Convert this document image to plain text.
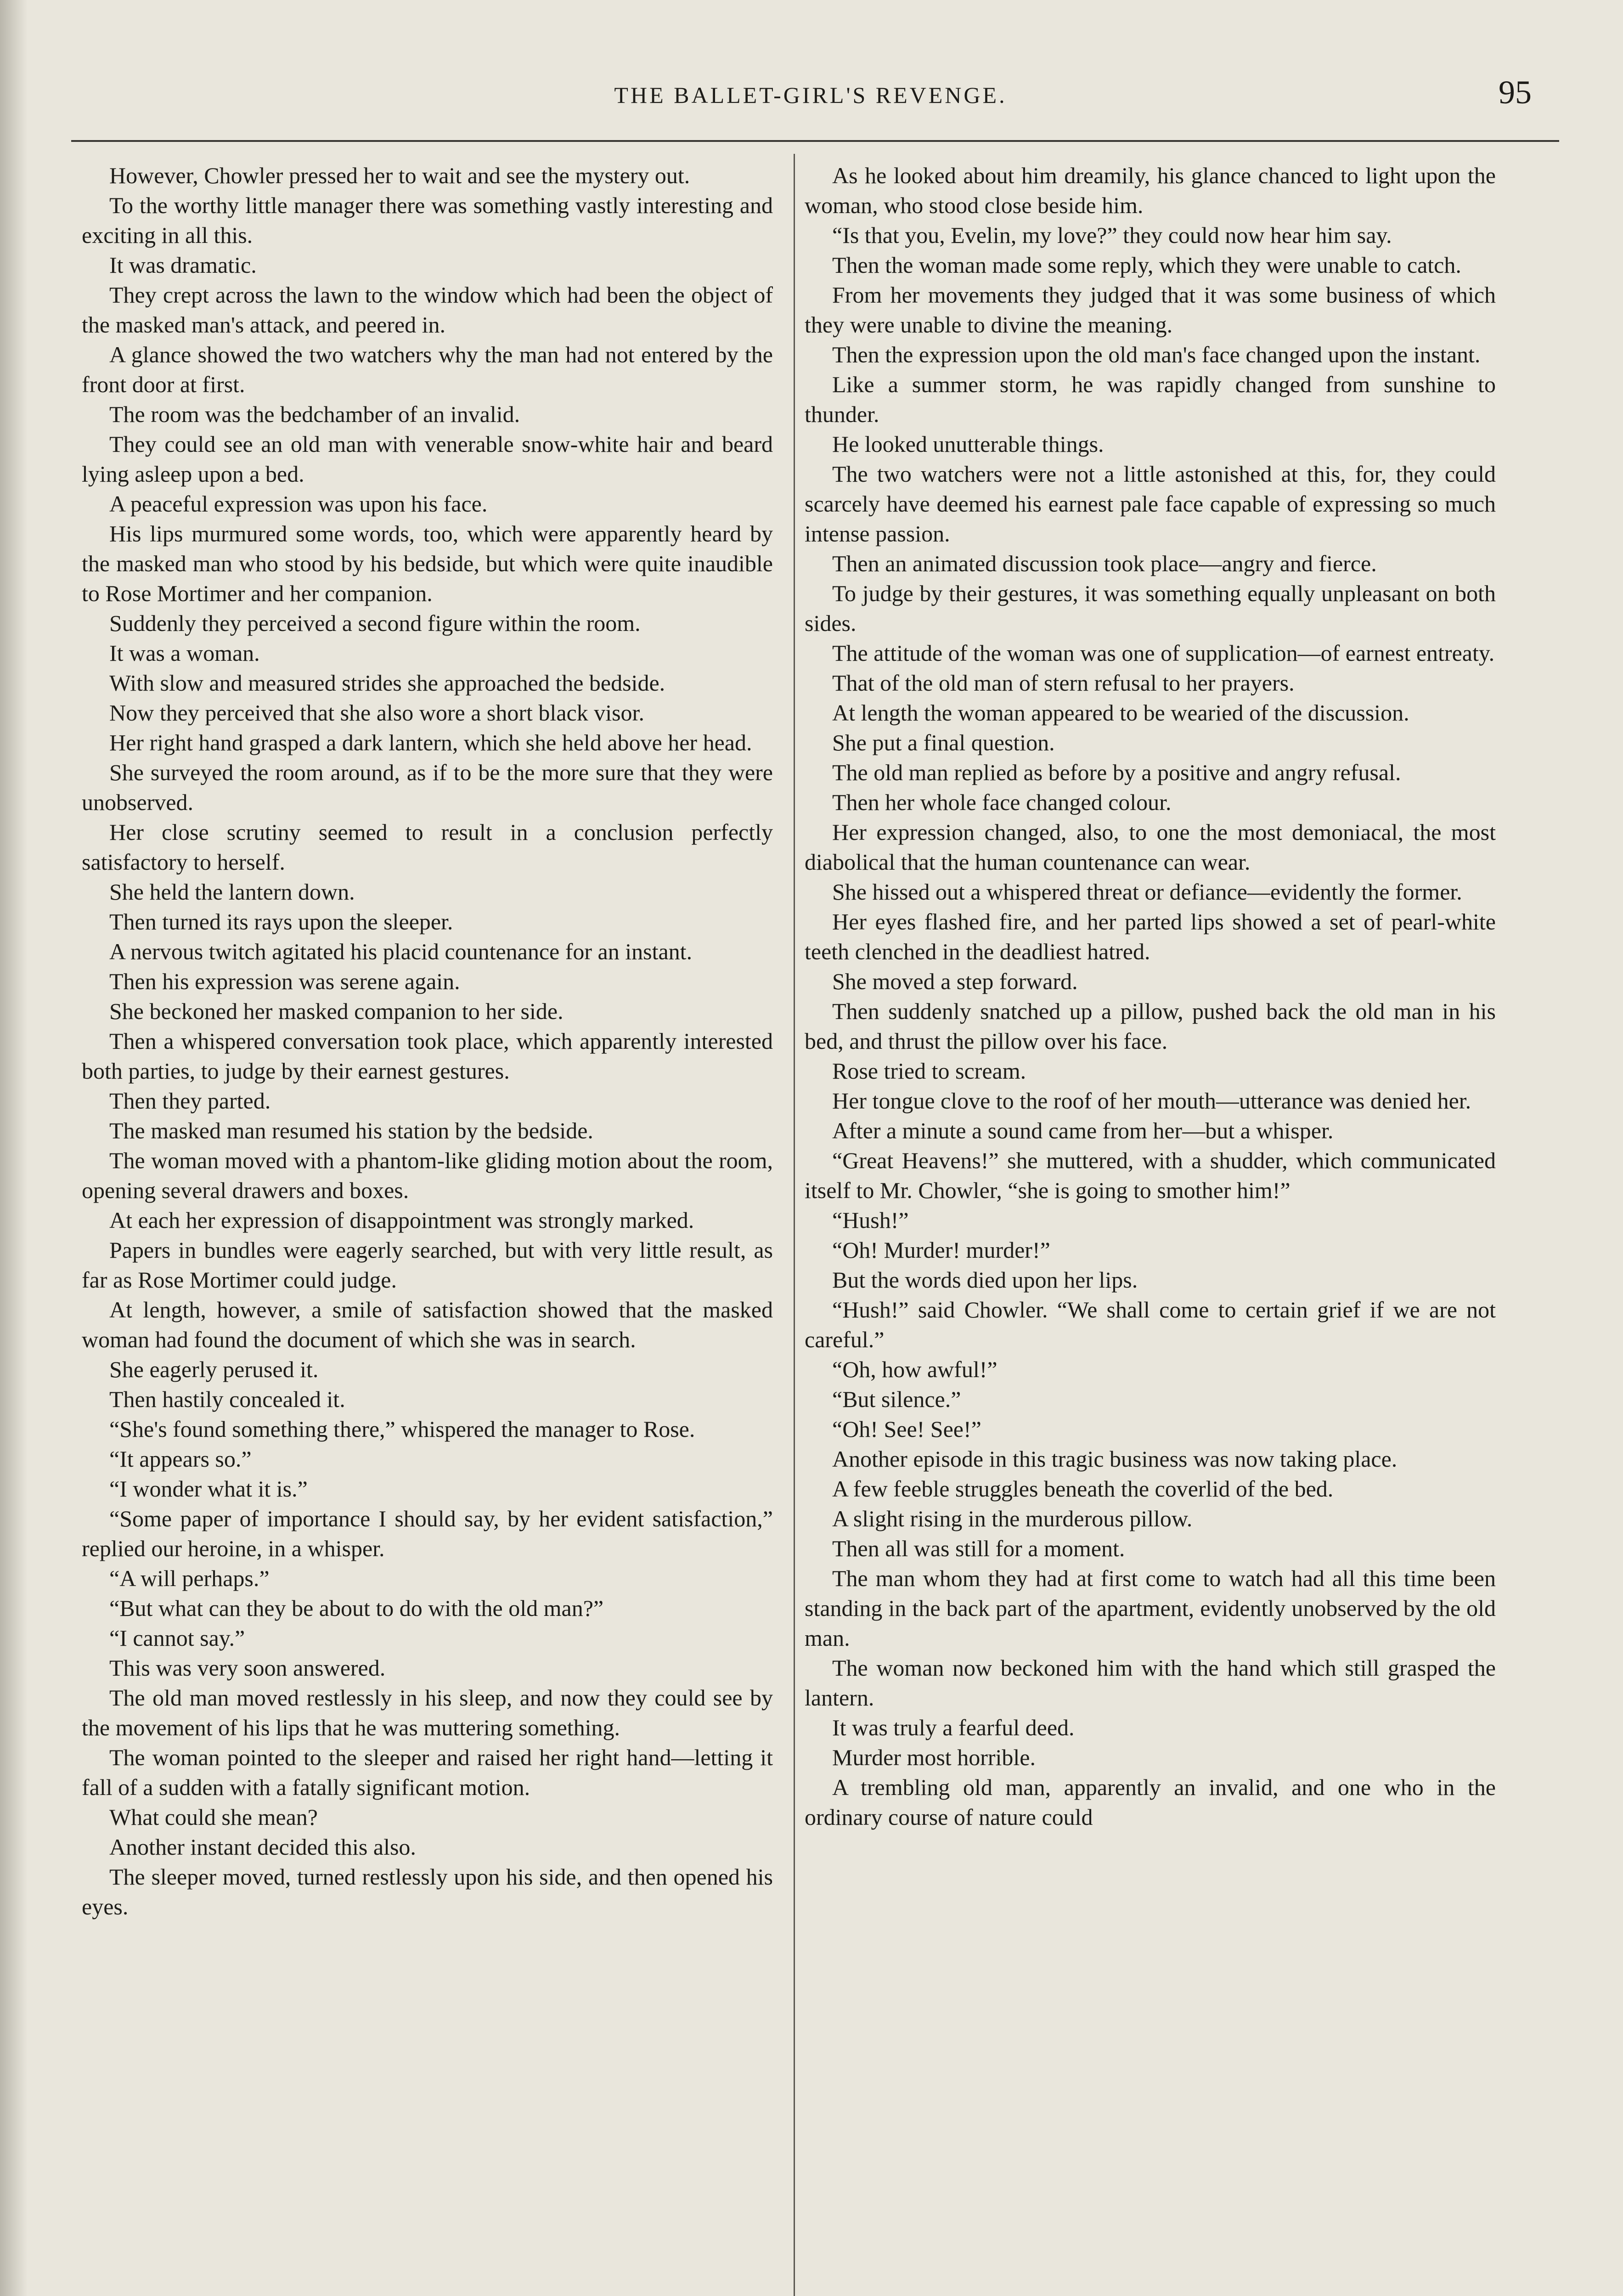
THE BALLET-GIRL'S REVENGE.	95

However, Chowler pressed her to wait and see the mystery out.

To the worthy little manager there was something vastly interesting and exciting in all this.

It was dramatic.

They crept across the lawn to the window which had been the object of the masked man's attack, and peered in.

A glance showed the two watchers why the man had not entered by the front door at first.

The room was the bedchamber of an invalid.

They could see an old man with venerable snow-white hair and beard lying asleep upon a bed.

A peaceful expression was upon his face.

His lips murmured some words, too, which were apparently heard by the masked man who stood by his bedside, but which were quite inaudible to Rose Mortimer and her companion.

Suddenly they perceived a second figure within the room.

It was a woman.

With slow and measured strides she approached the bedside.

Now they perceived that she also wore a short black visor.

Her right hand grasped a dark lantern, which she held above her head.

She surveyed the room around, as if to be the more sure that they were unobserved.

Her close scrutiny seemed to result in a conclusion perfectly satisfactory to herself.

She held the lantern down.

Then turned its rays upon the sleeper.

A nervous twitch agitated his placid countenance for an instant.

Then his expression was serene again.

She beckoned her masked companion to her side.

Then a whispered conversation took place, which apparently interested both parties, to judge by their earnest gestures.

Then they parted.

The masked man resumed his station by the bedside.

The woman moved with a phantom-like gliding motion about the room, opening several drawers and boxes.

At each her expression of disappointment was strongly marked.

Papers in bundles were eagerly searched, but with very little result, as far as Rose Mortimer could judge.

At length, however, a smile of satisfaction showed that the masked woman had found the document of which she was in search.

She eagerly perused it.

Then hastily concealed it.

“She's found something there,” whispered the manager to Rose.

“It appears so.”

“I wonder what it is.”

“Some paper of importance I should say, by her evident satisfaction,” replied our heroine, in a whisper.

“A will perhaps.”

“But what can they be about to do with the old man?”

“I cannot say.”

This was very soon answered.

The old man moved restlessly in his sleep, and now they could see by the movement of his lips that he was muttering something.

The woman pointed to the sleeper and raised her right hand—letting it fall of a sudden with a fatally significant motion.

What could she mean?

Another instant decided this also.

The sleeper moved, turned restlessly upon his side, and then opened his eyes.

As he looked about him dreamily, his glance chanced to light upon the woman, who stood close beside him.

“Is that you, Evelin, my love?” they could now hear him say.

Then the woman made some reply, which they were unable to catch.

From her movements they judged that it was some business of which they were unable to divine the meaning.

Then the expression upon the old man's face changed upon the instant.

Like a summer storm, he was rapidly changed from sunshine to thunder.

He looked unutterable things.

The two watchers were not a little astonished at this, for, they could scarcely have deemed his earnest pale face capable of expressing so much intense passion.

Then an animated discussion took place—angry and fierce.

To judge by their gestures, it was something equally unpleasant on both sides.

The attitude of the woman was one of supplication—of earnest entreaty.

That of the old man of stern refusal to her prayers.

At length the woman appeared to be wearied of the discussion.

She put a final question.

The old man replied as before by a positive and angry refusal.

Then her whole face changed colour.

Her expression changed, also, to one the most demoniacal, the most diabolical that the human countenance can wear.

She hissed out a whispered threat or defiance—evidently the former.

Her eyes flashed fire, and her parted lips showed a set of pearl-white teeth clenched in the deadliest hatred.

She moved a step forward.

Then suddenly snatched up a pillow, pushed back the old man in his bed, and thrust the pillow over his face.

Rose tried to scream.

Her tongue clove to the roof of her mouth—utterance was denied her.

After a minute a sound came from her—but a whisper.

“Great Heavens!” she muttered, with a shudder, which communicated itself to Mr. Chowler, “she is going to smother him!”

“Hush!”

“Oh! Murder! murder!”

But the words died upon her lips.

“Hush!” said Chowler. “We shall come to certain grief if we are not careful.”

“Oh, how awful!”

“But silence.”

“Oh! See! See!”

Another episode in this tragic business was now taking place.

A few feeble struggles beneath the coverlid of the bed.

A slight rising in the murderous pillow.

Then all was still for a moment.

The man whom they had at first come to watch had all this time been standing in the back part of the apartment, evidently unobserved by the old man.

The woman now beckoned him with the hand which still grasped the lantern.

It was truly a fearful deed.

Murder most horrible.

A trembling old man, apparently an invalid, and one who in the ordinary course of nature could
